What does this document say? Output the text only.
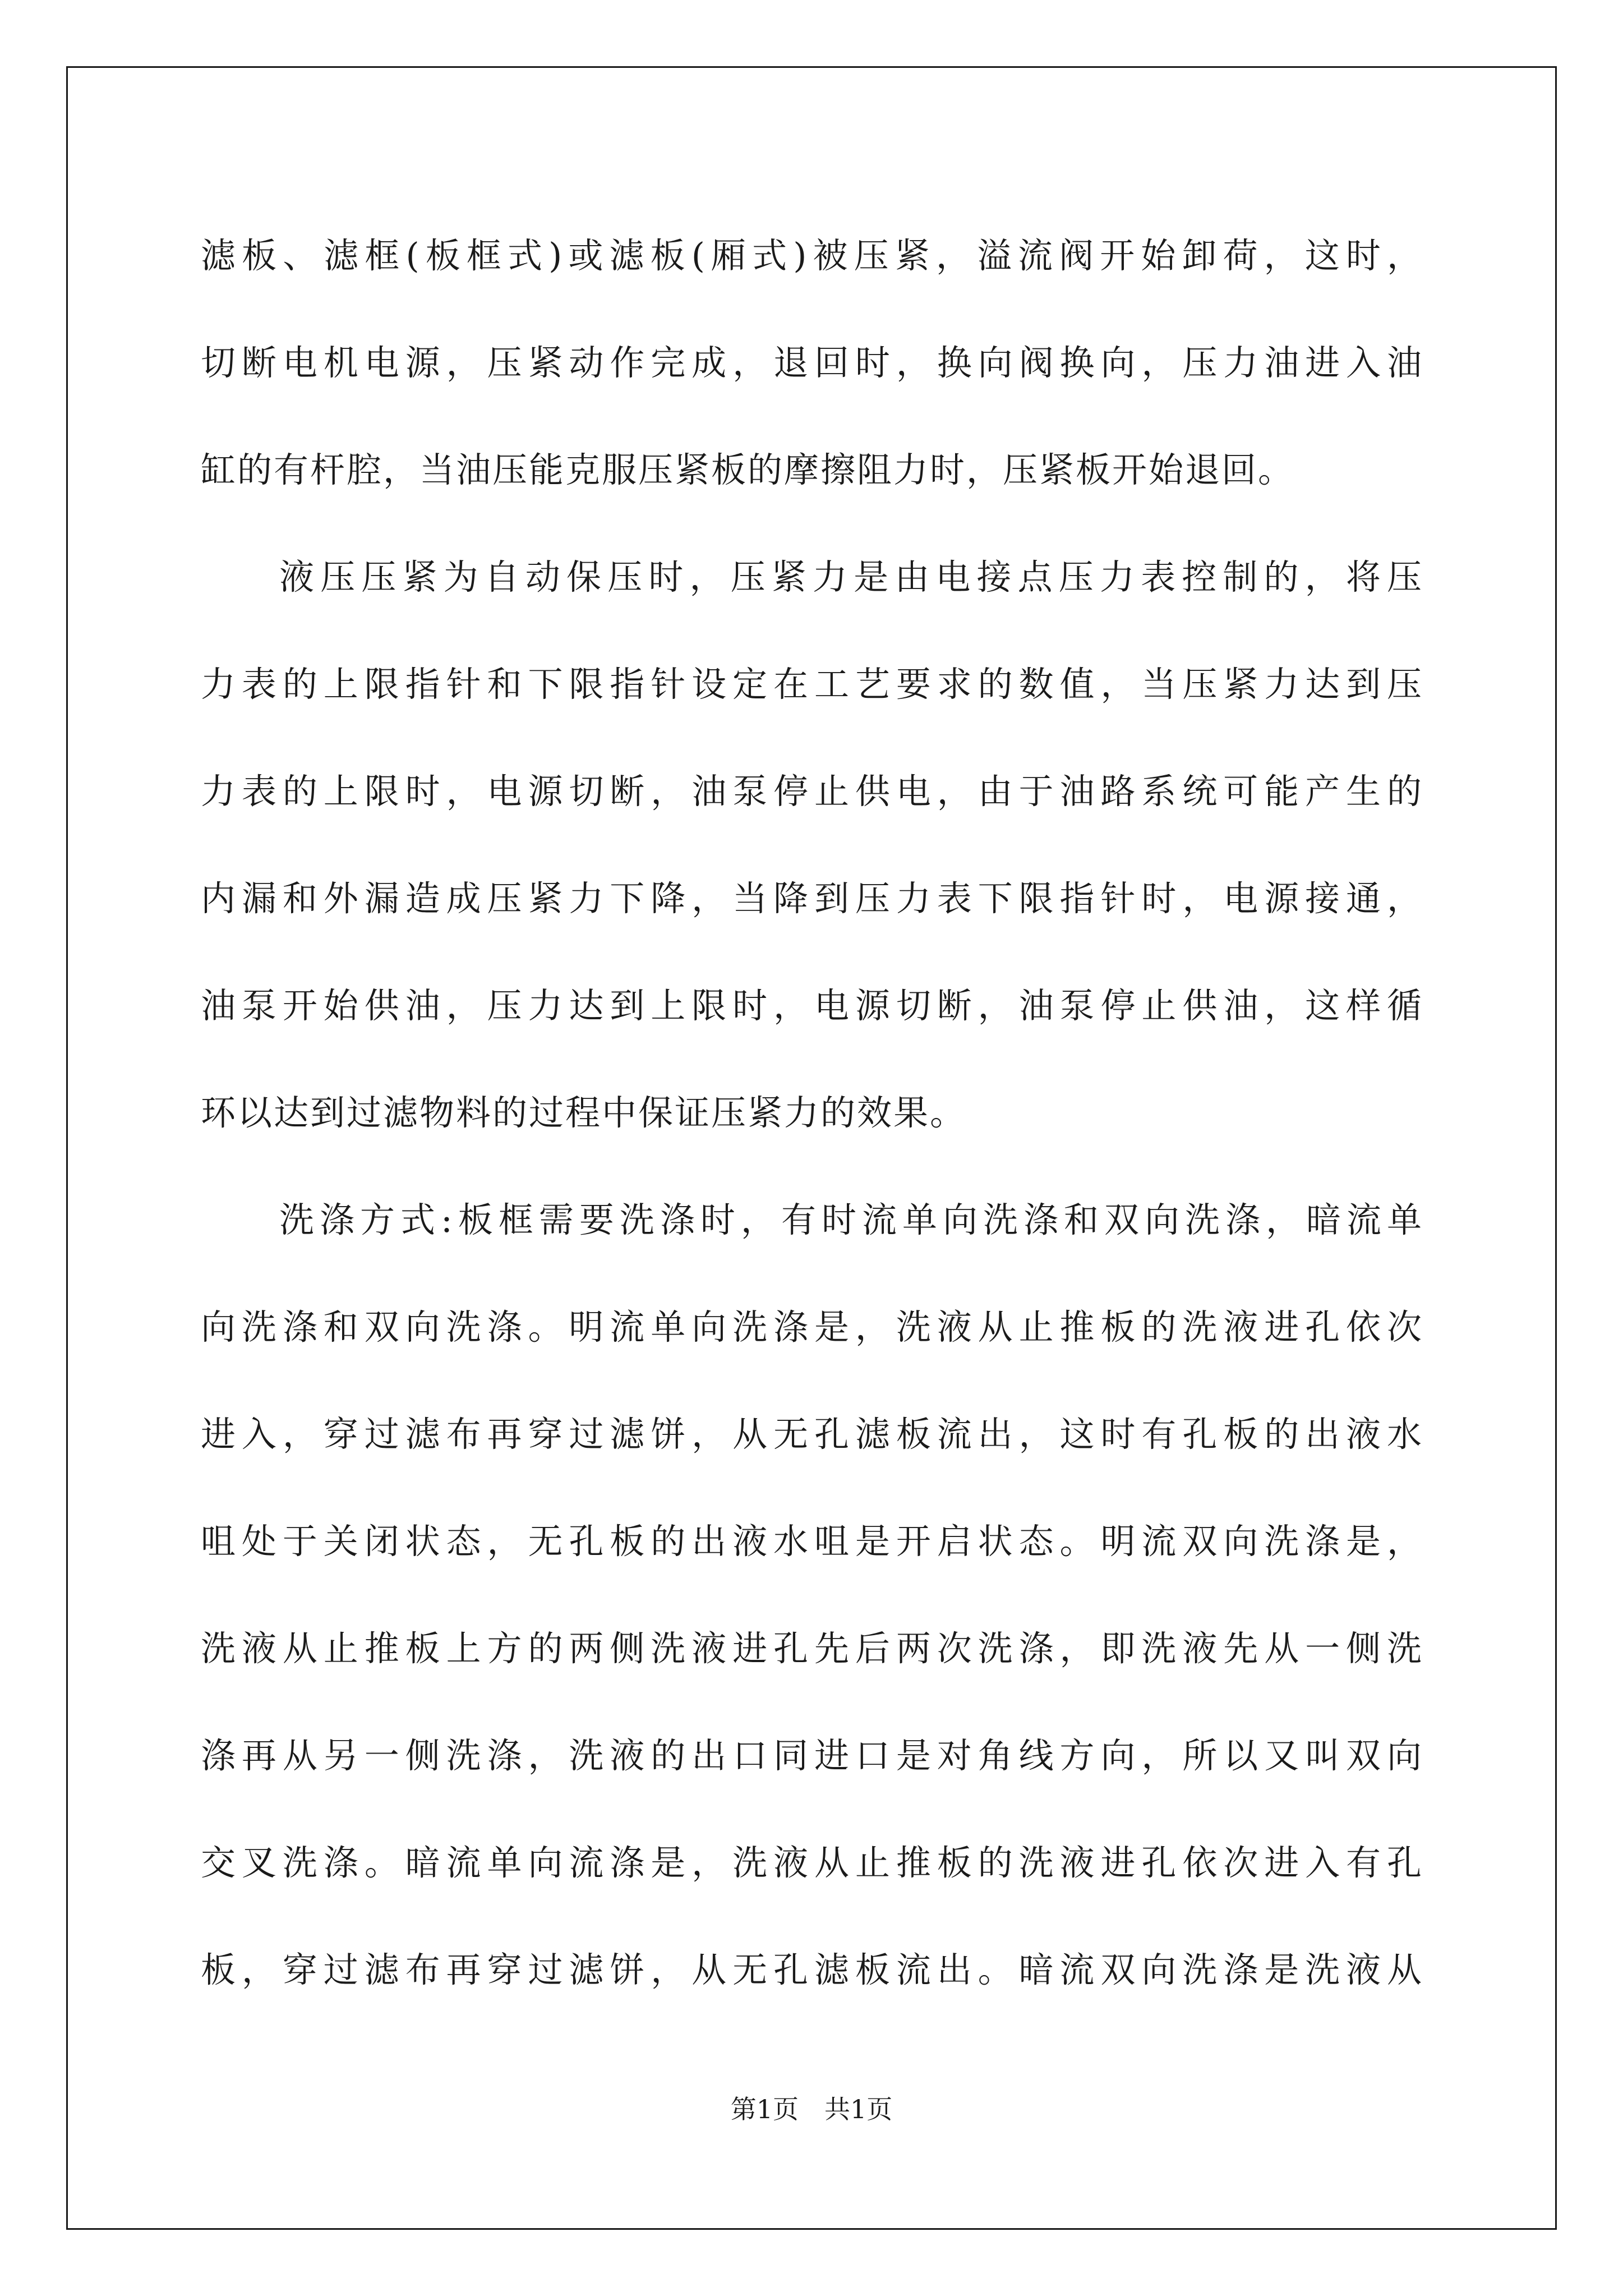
滤板、滤框(板框式)或滤板(厢式)被压紧，溢流阀开始卸荷，这时，
切断电机电源，压紧动作完成，退回时，换向阀换向，压力油进入油
缸的有杆腔，当油压能克服压紧板的摩擦阻力时，压紧板开始退回。
液压压紧为自动保压时，压紧力是由电接点压力表控制的，将压
力表的上限指针和下限指针设定在工艺要求的数值，当压紧力达到压
力表的上限时，电源切断，油泵停止供电，由于油路系统可能产生的
内漏和外漏造成压紧力下降，当降到压力表下限指针时，电源接通，
油泵开始供油，压力达到上限时，电源切断，油泵停止供油，这样循
环以达到过滤物料的过程中保证压紧力的效果。
洗涤方式:板框需要洗涤时，有时流单向洗涤和双向洗涤，暗流单
向洗涤和双向洗涤。明流单向洗涤是，洗液从止推板的洗液进孔依次
进入，穿过滤布再穿过滤饼，从无孔滤板流出，这时有孔板的出液水
咀处于关闭状态，无孔板的出液水咀是开启状态。明流双向洗涤是，
洗液从止推板上方的两侧洗液进孔先后两次洗涤，即洗液先从一侧洗
涤再从另一侧洗涤，洗液的出口同进口是对角线方向，所以又叫双向
交叉洗涤。暗流单向流涤是，洗液从止推板的洗液进孔依次进入有孔
板，穿过滤布再穿过滤饼，从无孔滤板流出。暗流双向洗涤是洗液从
第1页　共1页
